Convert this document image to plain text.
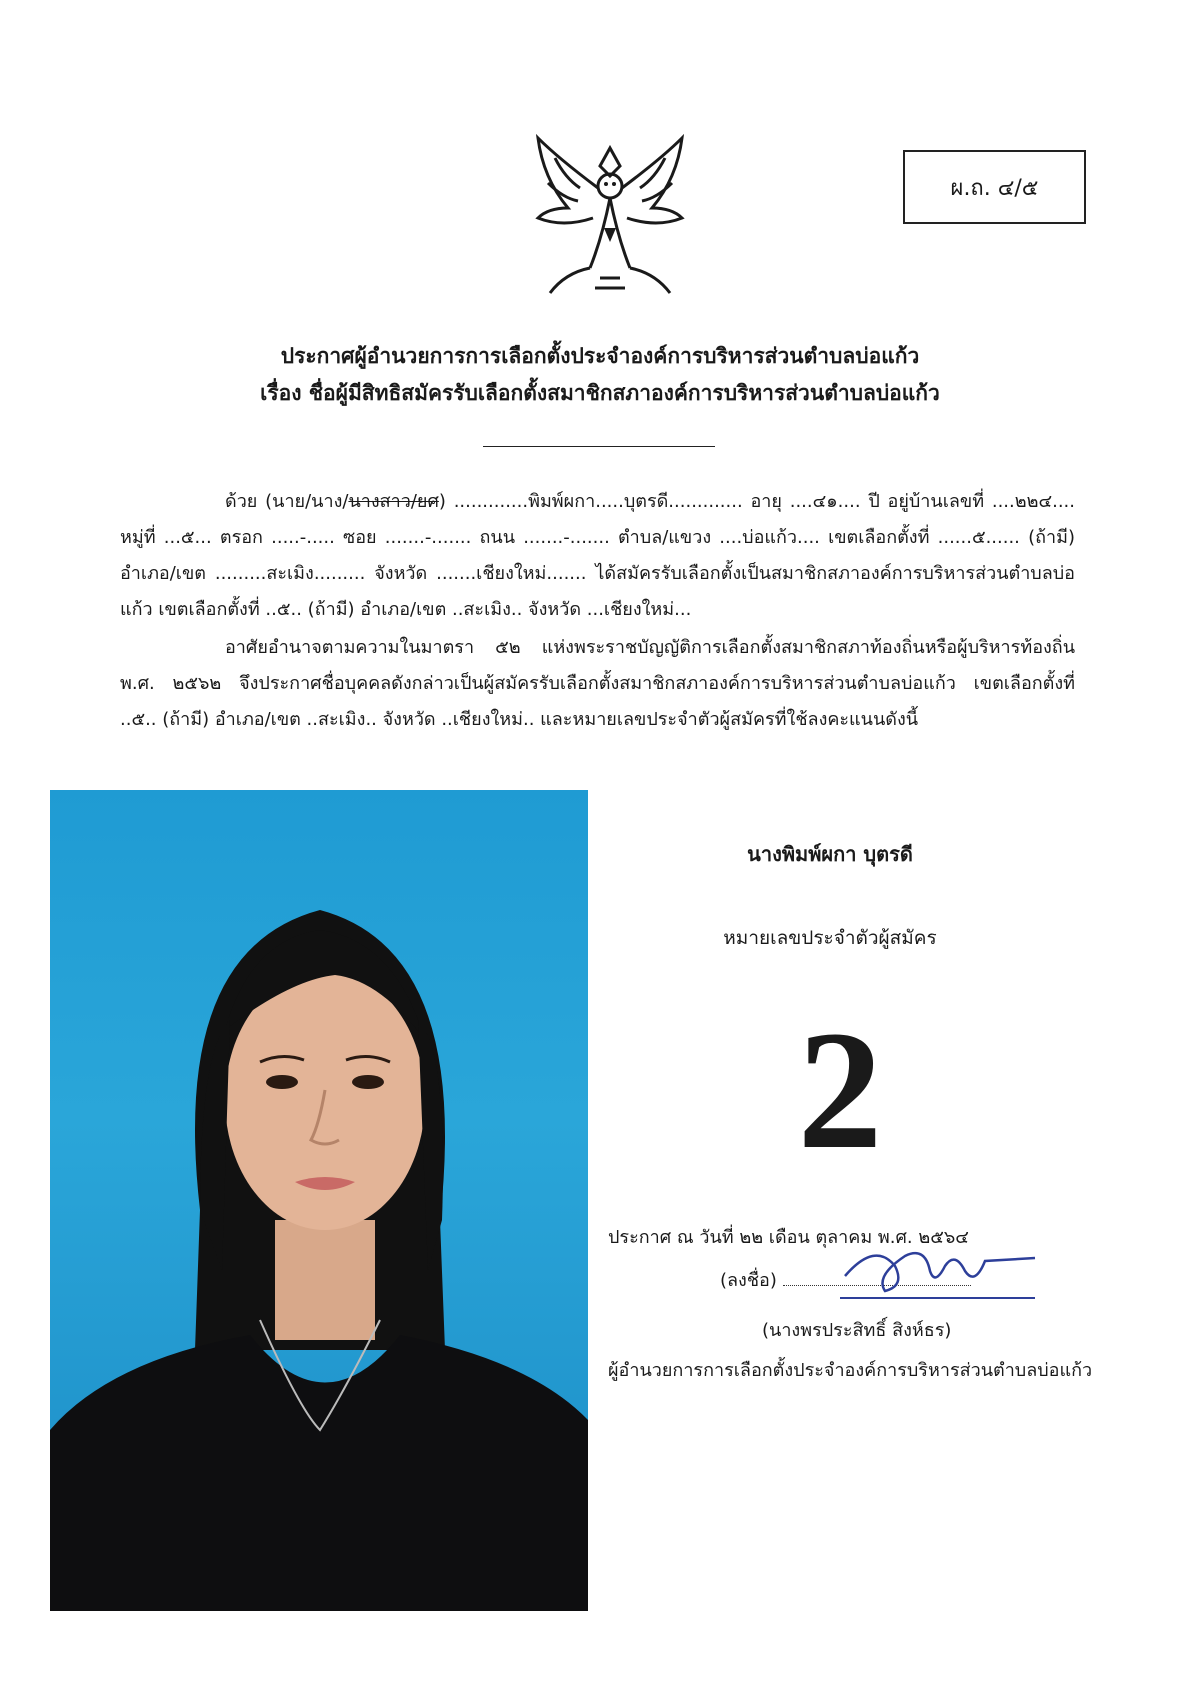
ผ.ถ. ๔/๕
ประกาศผู้อำนวยการการเลือกตั้งประจำองค์การบริหารส่วนตำบลบ่อแก้ว
เรื่อง ชื่อผู้มีสิทธิสมัครรับเลือกตั้งสมาชิกสภาองค์การบริหารส่วนตำบลบ่อแก้ว
ด้วย (นาย/นาง/นางสาว/ยศ) .............พิมพ์ผกา.....บุตรดี............. อายุ ....๔๑.... ปี อยู่บ้านเลขที่ ....๒๒๔.... หมู่ที่ ...๕... ตรอก .....-..... ซอย .......-....... ถนน .......-....... ตำบล/แขวง ....บ่อแก้ว.... เขตเลือกตั้งที่ ......๕...... (ถ้ามี) อำเภอ/เขต .........สะเมิง......... จังหวัด .......เชียงใหม่....... ได้สมัครรับเลือกตั้งเป็นสมาชิกสภาองค์การบริหารส่วนตำบลบ่อแก้ว เขตเลือกตั้งที่ ..๕.. (ถ้ามี) อำเภอ/เขต ..สะเมิง.. จังหวัด ...เชียงใหม่...
อาศัยอำนาจตามความในมาตรา ๕๒ แห่งพระราชบัญญัติการเลือกตั้งสมาชิกสภาท้องถิ่นหรือผู้บริหารท้องถิ่น พ.ศ. ๒๕๖๒ จึงประกาศชื่อบุคคลดังกล่าวเป็นผู้สมัครรับเลือกตั้งสมาชิกสภาองค์การบริหารส่วนตำบลบ่อแก้ว เขตเลือกตั้งที่ ..๕.. (ถ้ามี) อำเภอ/เขต ..สะเมิง.. จังหวัด ..เชียงใหม่.. และหมายเลขประจำตัวผู้สมัครที่ใช้ลงคะแนนดังนี้
นางพิมพ์ผกา บุตรดี
หมายเลขประจำตัวผู้สมัคร
2
ประกาศ ณ วันที่ ๒๒ เดือน ตุลาคม พ.ศ. ๒๕๖๔
(ลงชื่อ)
(นางพรประสิทธิ์ สิงห์ธร)
ผู้อำนวยการการเลือกตั้งประจำองค์การบริหารส่วนตำบลบ่อแก้ว
